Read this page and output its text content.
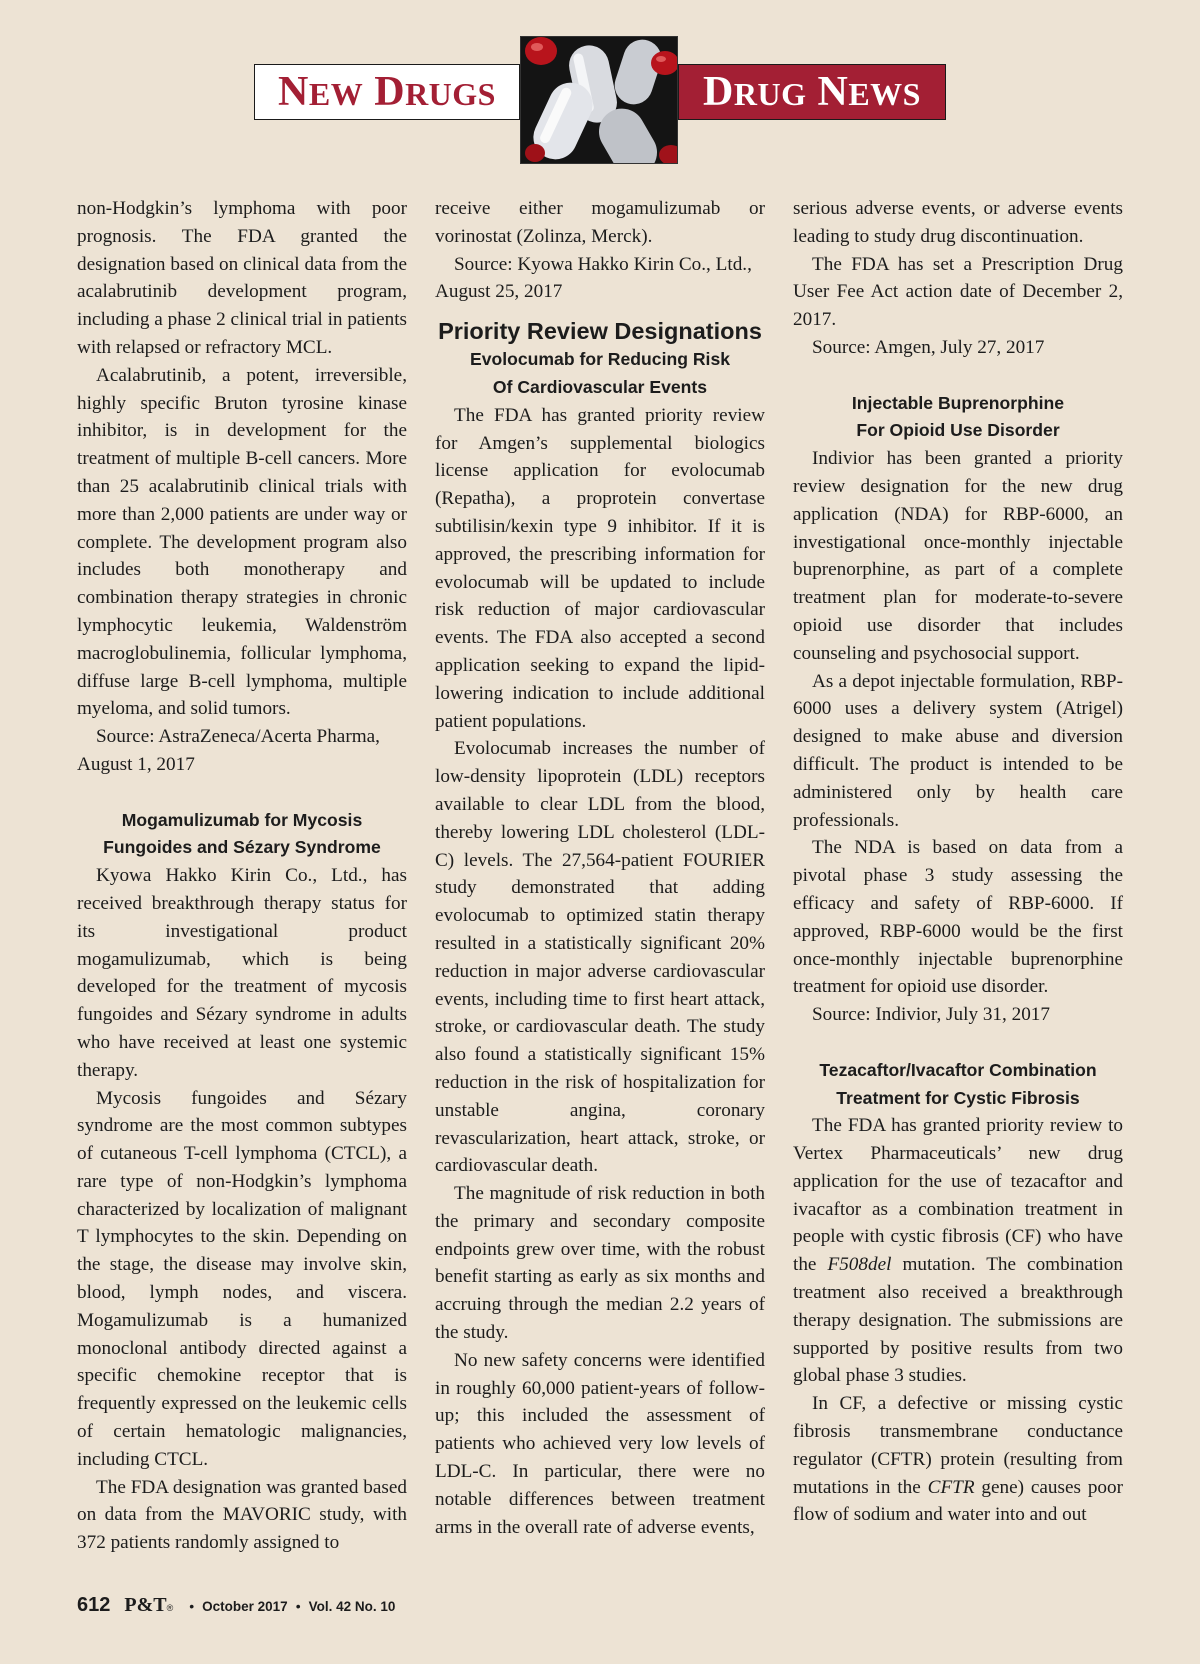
NEW DRUGS	DRUG NEWS

non-Hodgkin’s lymphoma with poor prognosis. The FDA granted the designation based on clinical data from the acalabrutinib development program, including a phase 2 clinical trial in patients with relapsed or refractory MCL.

Acalabrutinib, a potent, irreversible, highly specific Bruton tyrosine kinase inhibitor, is in development for the treatment of multiple B-cell cancers. More than 25 acalabrutinib clinical trials with more than 2,000 patients are under way or complete. The development program also includes both monotherapy and combination therapy strategies in chronic lymphocytic leukemia, Waldenström macroglobulinemia, follicular lymphoma, diffuse large B-cell lymphoma, multiple myeloma, and solid tumors.

Source: AstraZeneca/Acerta Pharma, August 1, 2017

Mogamulizumab for Mycosis
Fungoides and Sézary Syndrome

Kyowa Hakko Kirin Co., Ltd., has received breakthrough therapy status for its investigational product mogamulizumab, which is being developed for the treatment of mycosis fungoides and Sézary syndrome in adults who have received at least one systemic therapy.

Mycosis fungoides and Sézary syndrome are the most common subtypes of cutaneous T-cell lymphoma (CTCL), a rare type of non-Hodgkin’s lymphoma characterized by localization of malignant T lymphocytes to the skin. Depending on the stage, the disease may involve skin, blood, lymph nodes, and viscera. Mogamulizumab is a humanized monoclonal antibody directed against a specific chemokine receptor that is frequently expressed on the leukemic cells of certain hematologic malignancies, including CTCL.

The FDA designation was granted based on data from the MAVORIC study, with 372 patients randomly assigned to

receive either mogamulizumab or vorinostat (Zolinza, Merck).

Source: Kyowa Hakko Kirin Co., Ltd., August 25, 2017

Priority Review Designations
Evolocumab for Reducing Risk
Of Cardiovascular Events

The FDA has granted priority review for Amgen’s supplemental biologics license application for evolocumab (Repatha), a proprotein convertase subtilisin/kexin type 9 inhibitor. If it is approved, the prescribing information for evolocumab will be updated to include risk reduction of major cardiovascular events. The FDA also accepted a second application seeking to expand the lipid-lowering indication to include additional patient populations.

Evolocumab increases the number of low-density lipoprotein (LDL) receptors available to clear LDL from the blood, thereby lowering LDL cholesterol (LDL-C) levels. The 27,564-patient FOURIER study demonstrated that adding evolocumab to optimized statin therapy resulted in a statistically significant 20% reduction in major adverse cardiovascular events, including time to first heart attack, stroke, or cardiovascular death. The study also found a statistically significant 15% reduction in the risk of hospitalization for unstable angina, coronary revascularization, heart attack, stroke, or cardiovascular death.

The magnitude of risk reduction in both the primary and secondary composite endpoints grew over time, with the robust benefit starting as early as six months and accruing through the median 2.2 years of the study.

No new safety concerns were identified in roughly 60,000 patient-years of follow-up; this included the assessment of patients who achieved very low levels of LDL-C. In particular, there were no notable differences between treatment arms in the overall rate of adverse events,

serious adverse events, or adverse events leading to study drug discontinuation.

The FDA has set a Prescription Drug User Fee Act action date of December 2, 2017.

Source: Amgen, July 27, 2017

Injectable Buprenorphine
For Opioid Use Disorder

Indivior has been granted a priority review designation for the new drug application (NDA) for RBP-6000, an investigational once-monthly injectable buprenorphine, as part of a complete treatment plan for moderate-to-severe opioid use disorder that includes counseling and psychosocial support.

As a depot injectable formulation, RBP-6000 uses a delivery system (Atrigel) designed to make abuse and diversion difficult. The product is intended to be administered only by health care professionals.

The NDA is based on data from a pivotal phase 3 study assessing the efficacy and safety of RBP-6000. If approved, RBP-6000 would be the first once-monthly injectable buprenorphine treatment for opioid use disorder.

Source: Indivior, July 31, 2017

Tezacaftor/Ivacaftor Combination
Treatment for Cystic Fibrosis

The FDA has granted priority review to Vertex Pharmaceuticals’ new drug application for the use of tezacaftor and ivacaftor as a combination treatment in people with cystic fibrosis (CF) who have the F508del mutation. The combination treatment also received a breakthrough therapy designation. The submissions are supported by positive results from two global phase 3 studies.

In CF, a defective or missing cystic fibrosis transmembrane conductance regulator (CFTR) protein (resulting from mutations in the CFTR gene) causes poor flow of sodium and water into and out

612 P&T ® • October 2017 • Vol. 42 No. 10
